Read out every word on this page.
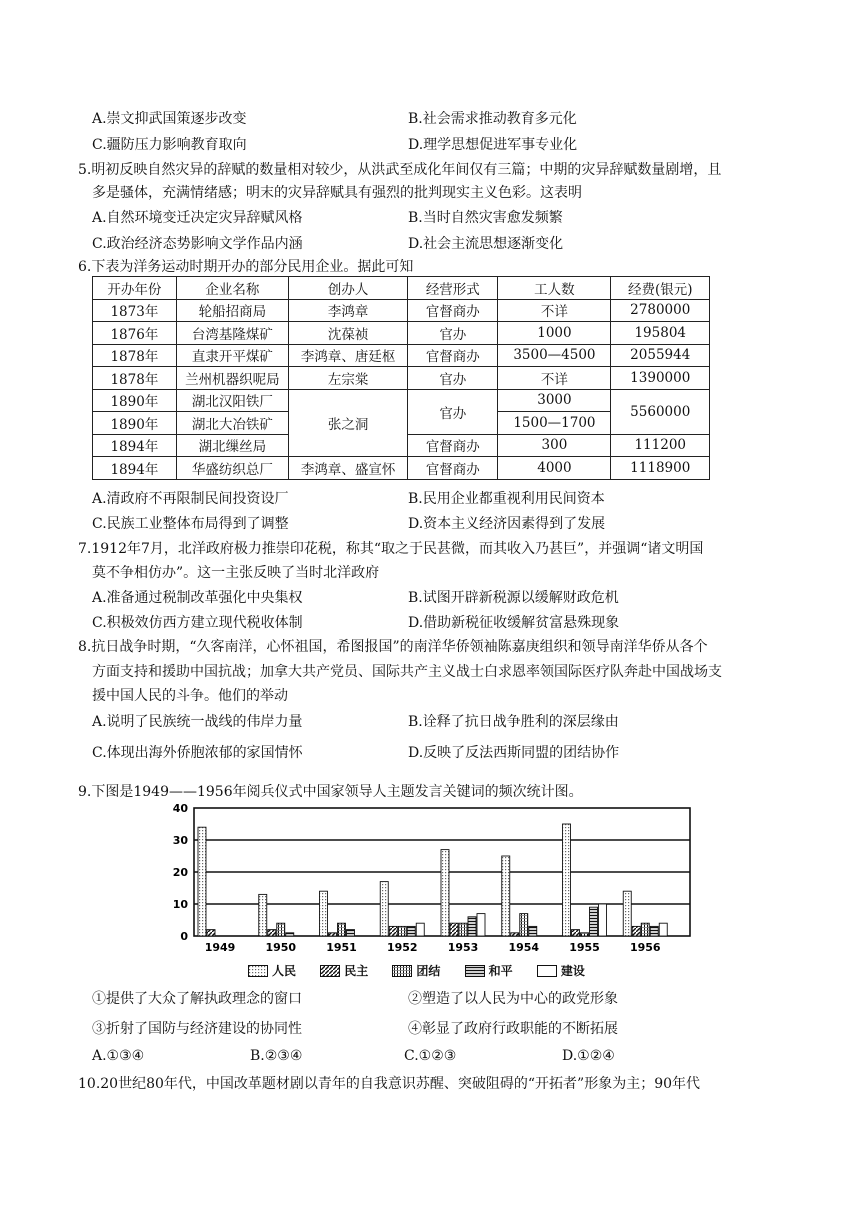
A.崇文抑武国策逐步改变	B.社会需求推动教育多元化
C.疆防压力影响教育取向	D.理学思想促进军事专业化
5.明初反映自然灾异的辞赋的数量相对较少，从洪武至成化年间仅有三篇；中期的灾异辞赋数量剧增，且
多是骚体，充满情绪感；明末的灾异辞赋具有强烈的批判现实主义色彩。这表明
A.自然环境变迁决定灾异辞赋风格	B.当时自然灾害愈发频繁
C.政治经济态势影响文学作品内涵	D.社会主流思想逐渐变化
6.下表为洋务运动时期开办的部分民用企业。据此可知
开办年份	企业名称	创办人	经营形式	工人数	经费(银元)
1873年	轮船招商局	李鸿章	官督商办	不详	2780000
1876年	台湾基隆煤矿	沈葆祯	官办	1000	195804
1878年	直隶开平煤矿	李鸿章、唐廷枢	官督商办	3500—4500	2055944
1878年	兰州机器织呢局	左宗棠	官办	不详	1390000
1890年	湖北汉阳铁厂	张之洞	官办	3000	5560000
1890年	湖北大冶铁矿			1500—1700	
1894年	湖北缫丝局		官督商办	300	111200
1894年	华盛纺织总厂	李鸿章、盛宣怀	官督商办	4000	1118900
A.清政府不再限制民间投资设厂	B.民用企业都重视利用民间资本
C.民族工业整体布局得到了调整	D.资本主义经济因素得到了发展
7.1912年7月，北洋政府极力推崇印花税，称其“取之于民甚微，而其收入乃甚巨”，并强调“诸文明国
莫不争相仿办”。这一主张反映了当时北洋政府
A.准备通过税制改革强化中央集权	B.试图开辟新税源以缓解财政危机
C.积极效仿西方建立现代税收体制	D.借助新税征收缓解贫富悬殊现象
8.抗日战争时期，“久客南洋，心怀祖国，希图报国”的南洋华侨领袖陈嘉庚组织和领导南洋华侨从各个
方面支持和援助中国抗战；加拿大共产党员、国际共产主义战士白求恩率领国际医疗队奔赴中国战场支
援中国人民的斗争。他们的举动
A.说明了民族统一战线的伟岸力量	B.诠释了抗日战争胜利的深层缘由
C.体现出海外侨胞浓郁的家国情怀	D.反映了反法西斯同盟的团结协作
9.下图是1949——1956年阅兵仪式中国家领导人主题发言关键词的频次统计图。
0
10
20
30
40
1949	1950	1951	1952	1953	1954	1955	1956
人民
	民主
	团结
	和平
	建设
①提供了大众了解执政理念的窗口	②塑造了以人民为中心的政党形象
③折射了国防与经济建设的协同性	④彰显了政府行政职能的不断拓展
A.①③④	B.②③④	C.①②③	D.①②④
10.20世纪80年代，中国改革题材剧以青年的自我意识苏醒、突破阻碍的“开拓者”形象为主；90年代
